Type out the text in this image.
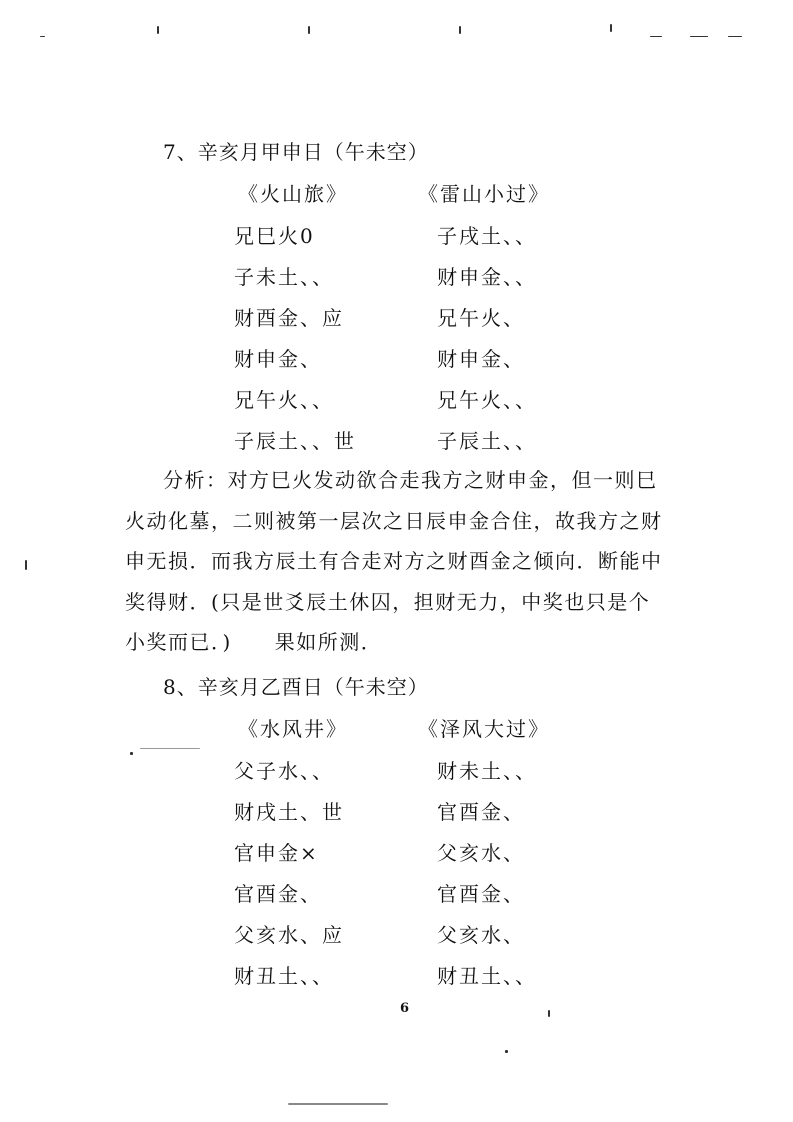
7、辛亥月甲申日（午未空）
《火山旅》	《雷山小过》
兄巳火0
子未土、、
财酉金、应
财申金、
兄午火、、
子辰土、、世
子戌土、、
财申金、、
兄午火、
财申金、
兄午火、、
子辰土、、
分析：对方巳火发动欲合走我方之财申金，但一则巳
火动化墓，二则被第一层次之日辰申金合住，故我方之财
申无损．而我方辰土有合走对方之财酉金之倾向．断能中
奖得财．(只是世爻辰土休囚，担财无力，中奖也只是个
小奖而已．)　　果如所测．
8、辛亥月乙酉日（午未空）
《水风井》	《泽风大过》
父子水、、
财戌土、世
官申金×
官酉金、
父亥水、应
财丑土、、
财未土、、
官酉金、
父亥水、
官酉金、
父亥水、
财丑土、、
6
